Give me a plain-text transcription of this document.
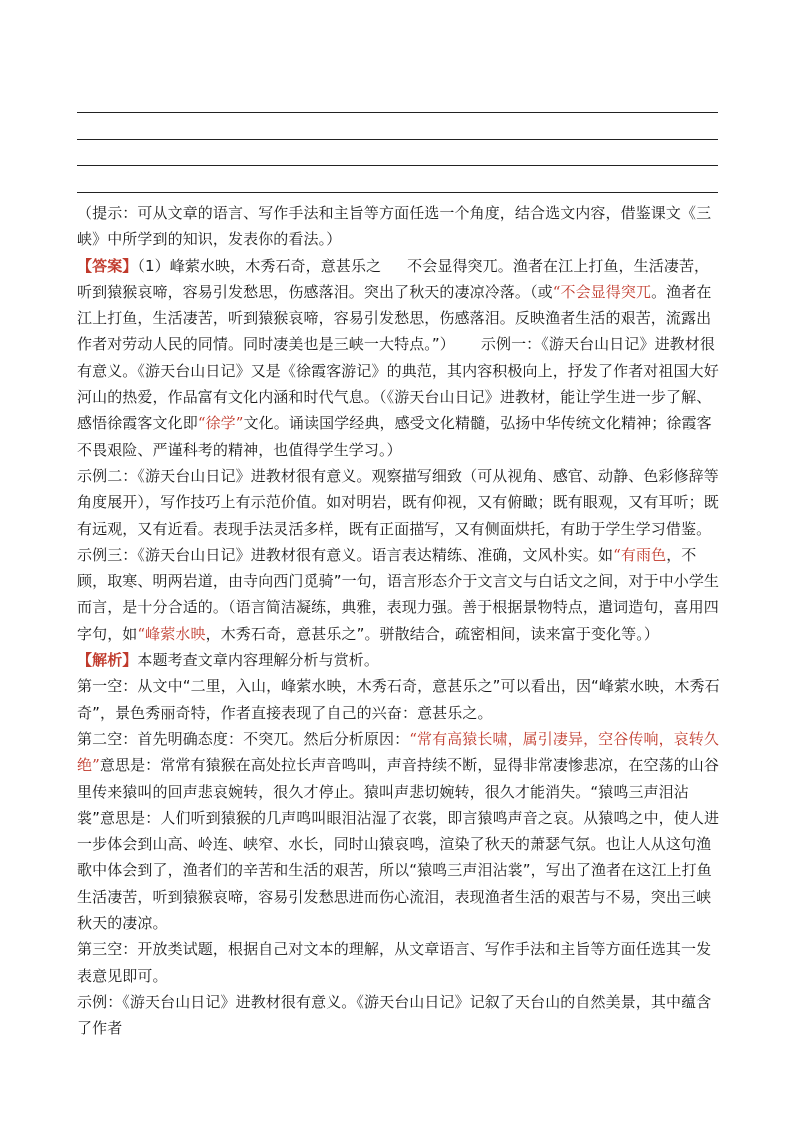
（提示：可从文章的语言、写作手法和主旨等方面任选一个角度，结合选文内容，借鉴课文《三峡》中所学到的知识，发表你的看法。）

【答案】（1）峰萦水映，木秀石奇，意甚乐之 不会显得突兀。渔者在江上打鱼，生活凄苦，听到猿猴哀啼，容易引发愁思，伤感落泪。突出了秋天的凄凉冷落。（或“不会显得突兀。渔者在江上打鱼，生活凄苦，听到猿猴哀啼，容易引发愁思，伤感落泪。反映渔者生活的艰苦，流露出作者对劳动人民的同情。同时凄美也是三峡一大特点。”） 示例一：《游天台山日记》进教材很有意义。《游天台山日记》又是《徐霞客游记》的典范，其内容积极向上，抒发了作者对祖国大好河山的热爱，作品富有文化内涵和时代气息。（《游天台山日记》进教材，能让学生进一步了解、感悟徐霞客文化即“徐学”文化。诵读国学经典，感受文化精髓，弘扬中华传统文化精神；徐霞客不畏艰险、严谨科考的精神，也值得学生学习。）

示例二：《游天台山日记》进教材很有意义。观察描写细致（可从视角、感官、动静、色彩修辞等角度展开），写作技巧上有示范价值。如对明岩，既有仰视，又有俯瞰；既有眼观，又有耳听；既有远观，又有近看。表现手法灵活多样，既有正面描写，又有侧面烘托，有助于学生学习借鉴。

示例三：《游天台山日记》进教材很有意义。语言表达精练、准确，文风朴实。如“有雨色，不顾，取寒、明两岩道，由寺向西门觅骑”一句，语言形态介于文言文与白话文之间，对于中小学生而言，是十分合适的。（语言简洁凝练，典雅，表现力强。善于根据景物特点，遣词造句，喜用四字句，如“峰萦水映，木秀石奇，意甚乐之”。骈散结合，疏密相间，读来富于变化等。）

【解析】本题考查文章内容理解分析与赏析。

第一空：从文中“二里，入山，峰萦水映，木秀石奇，意甚乐之”可以看出，因“峰萦水映，木秀石奇”，景色秀丽奇特，作者直接表现了自己的兴奋：意甚乐之。

第二空：首先明确态度：不突兀。然后分析原因：“常有高猿长啸，属引凄异，空谷传响，哀转久绝”意思是：常常有猿猴在高处拉长声音鸣叫，声音持续不断，显得非常凄惨悲凉，在空荡的山谷里传来猿叫的回声悲哀婉转，很久才停止。猿叫声悲切婉转，很久才能消失。“猿鸣三声泪沾裳”意思是：人们听到猿猴的几声鸣叫眼泪沾湿了衣裳，即言猿鸣声音之哀。从猿鸣之中，使人进一步体会到山高、岭连、峡窄、水长，同时山猿哀鸣，渲染了秋天的萧瑟气氛。也让人从这句渔歌中体会到了，渔者们的辛苦和生活的艰苦，所以“猿鸣三声泪沾裳”，写出了渔者在这江上打鱼生活凄苦，听到猿猴哀啼，容易引发愁思进而伤心流泪，表现渔者生活的艰苦与不易，突出三峡秋天的凄凉。

第三空：开放类试题，根据自己对文本的理解，从文章语言、写作手法和主旨等方面任选其一发表意见即可。

示例：《游天台山日记》进教材很有意义。《游天台山日记》记叙了天台山的自然美景，其中蕴含了作者
